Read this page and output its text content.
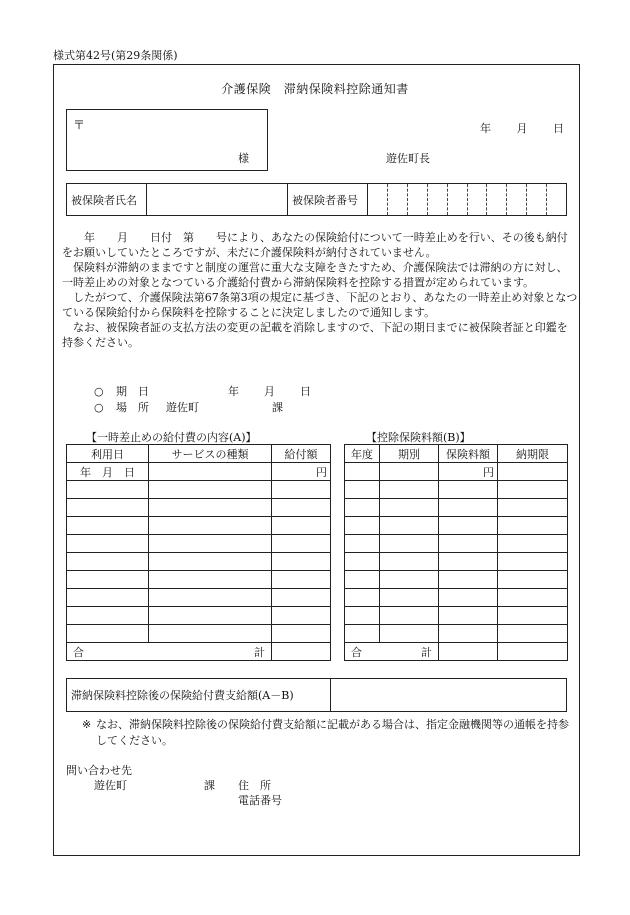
様式第42号(第29条関係)
介護保険　滞納保険料控除通知書
〒
様
年 月 日
遊佐町長
被保険者氏名	被保険者番号

年　　月　　日付　第　　号により、あなたの保険給付について一時差止めを行い、その後も納付をお願いしていたところですが、未だに介護保険料が納付されていません。

保険料が滞納のままですと制度の運営に重大な支障をきたすため、介護保険法では滞納の方に対し、一時差止めの対象となつている介護給付費から滞納保険料を控除する措置が定められています。

したがつて、介護保険法第67条第3項の規定に基づき、下記のとおり、あなたの一時差止め対象となつている保険給付から保険料を控除することに決定しましたので通知します。

なお、被保険者証の支払方法の変更の記載を消除しますので、下記の期日までに被保険者証と印鑑を持参ください。

○ 期　日	年 月 日
○ 場　所 遊佐町	課
【一時差止めの給付費の内容(A)】
利用日	サービスの種類	給付額
年　月　日		円

合 計		

【控除保険料額(B)】
年度	期別	保険料額	納期限
		円	

合 計			

滞納保険料控除後の保険給付費支給額(A－B)
※ なお、滞納保険料控除後の保険給付費支給額に記載がある場合は、指定金融機関等の通帳を持参してください。
問い合わせ先
遊佐町	課 住　所
電話番号
